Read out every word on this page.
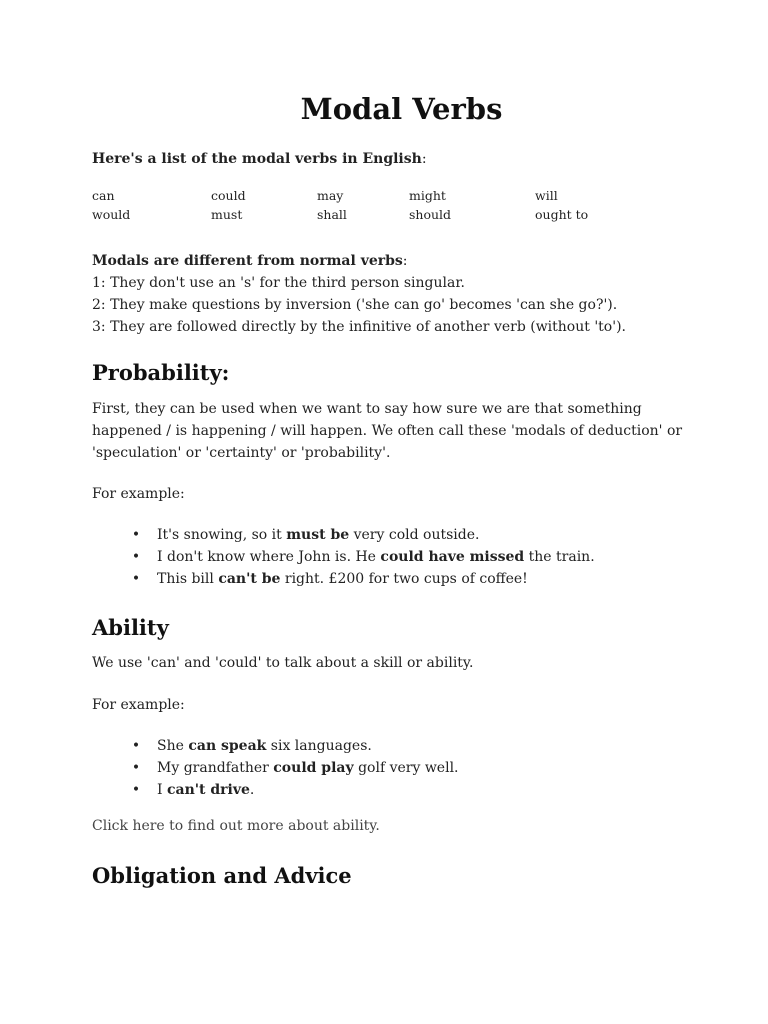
Modal Verbs

Here's a list of the modal verbs in English:

can	could	may	might	will
would	must	shall	should	ought to
Modals are different from normal verbs:
1: They don't use an 's' for the third person singular.
2: They make questions by inversion ('she can go' becomes 'can she go?').
3: They are followed directly by the infinitive of another verb (without 'to').
Probability:

First, they can be used when we want to say how sure we are that something happened / is happening / will happen. We often call these 'modals of deduction' or 'speculation' or 'certainty' or 'probability'.

For example:

• It's snowing, so it must be very cold outside.
• I don't know where John is. He could have missed the train.
• This bill can't be right. £200 for two cups of coffee!
Ability

We use 'can' and 'could' to talk about a skill or ability.

For example:

• She can speak six languages.
• My grandfather could play golf very well.
• I can't drive.

Click here to find out more about ability.

Obligation and Advice
